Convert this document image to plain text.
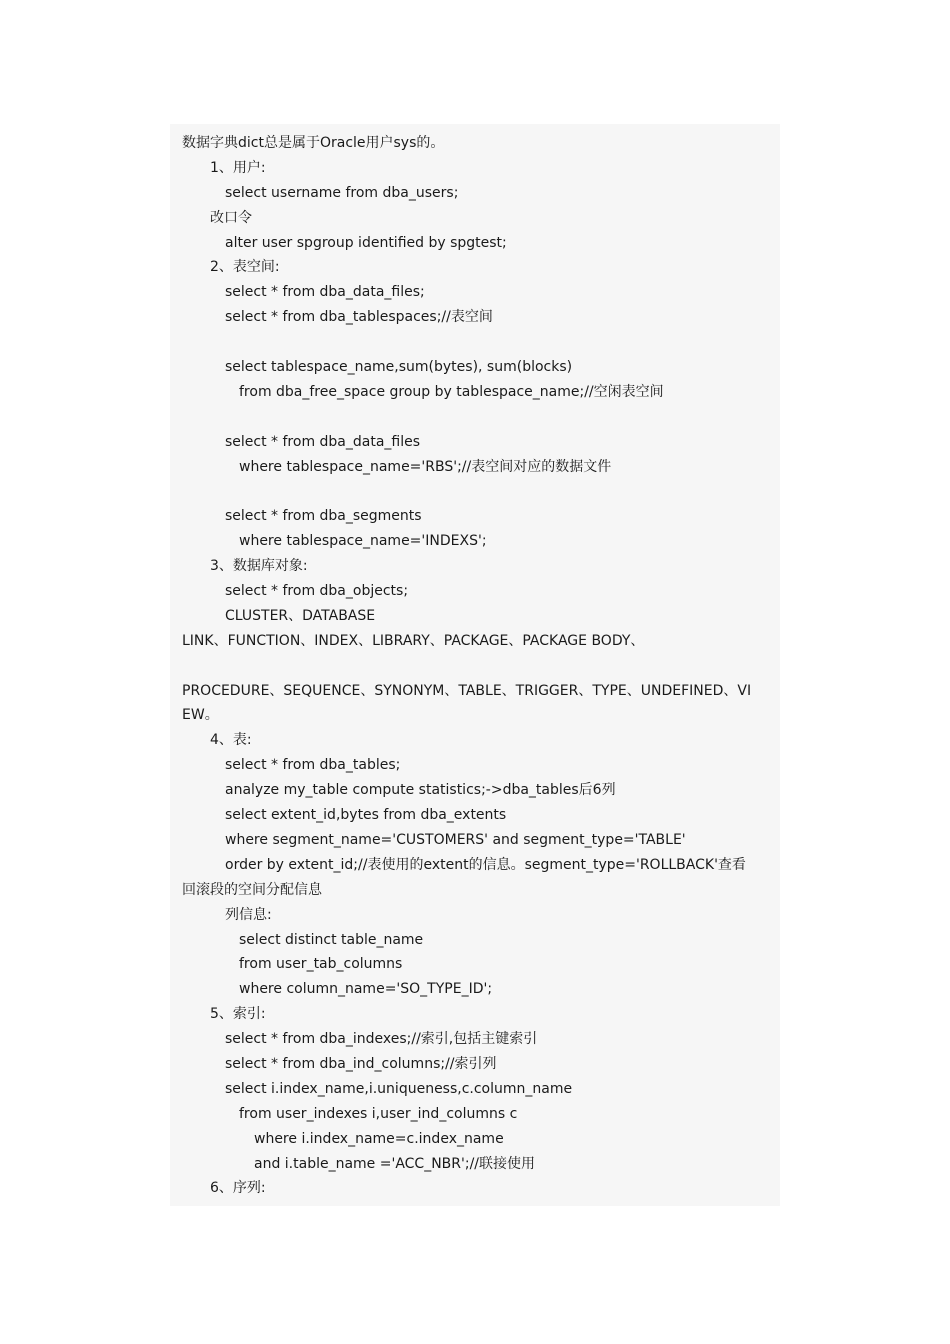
数据字典dict总是属于Oracle用户sys的。
1、用户:
select username from dba_users;
改口令
alter user spgroup identified by spgtest;
2、表空间:
select * from dba_data_files;
select * from dba_tablespaces;//表空间
select tablespace_name,sum(bytes), sum(blocks)
from dba_free_space group by tablespace_name;//空闲表空间
select * from dba_data_files
where tablespace_name='RBS';//表空间对应的数据文件
select * from dba_segments
where tablespace_name='INDEXS';
3、数据库对象:
select * from dba_objects;
CLUSTER、DATABASE
LINK、FUNCTION、INDEX、LIBRARY、PACKAGE、PACKAGE BODY、
PROCEDURE、SEQUENCE、SYNONYM、TABLE、TRIGGER、TYPE、UNDEFINED、VI
EW。
4、表:
select * from dba_tables;
analyze my_table compute statistics;->dba_tables后6列
select extent_id,bytes from dba_extents
where segment_name='CUSTOMERS' and segment_type='TABLE'
order by extent_id;//表使用的extent的信息。segment_type='ROLLBACK'查看
回滚段的空间分配信息
列信息:
select distinct table_name
from user_tab_columns
where column_name='SO_TYPE_ID';
5、索引:
select * from dba_indexes;//索引,包括主键索引
select * from dba_ind_columns;//索引列
select i.index_name,i.uniqueness,c.column_name
from user_indexes i,user_ind_columns c
where i.index_name=c.index_name
and i.table_name ='ACC_NBR';//联接使用
6、序列:
